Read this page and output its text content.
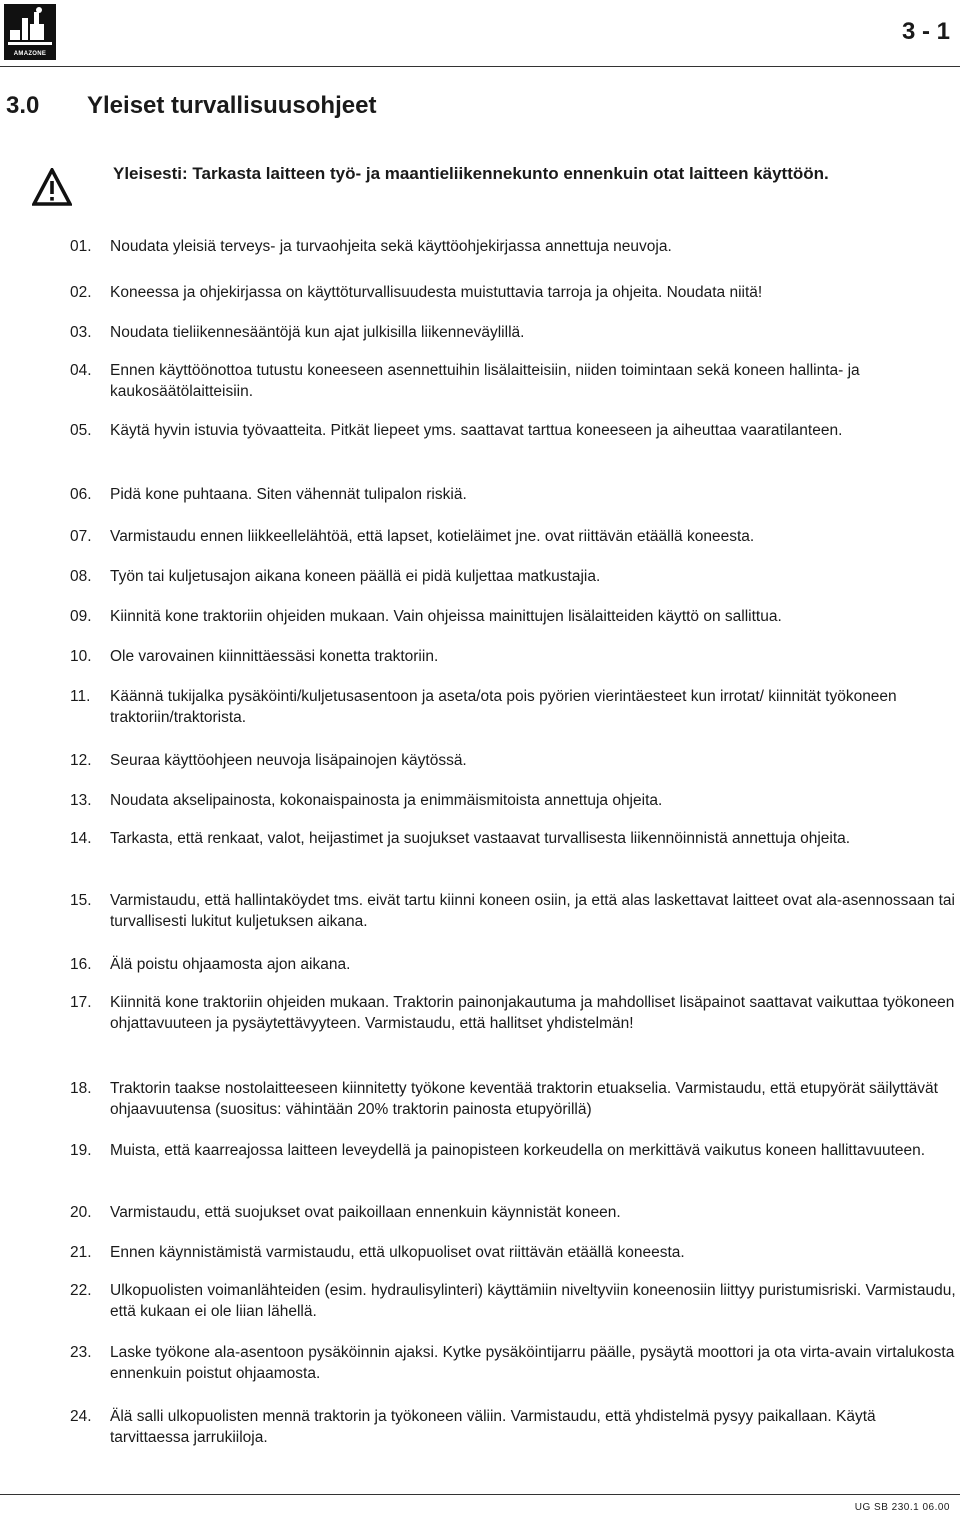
AMAZONE
3 - 1
3.0 Yleiset turvallisuusohjeet
Yleisesti: Tarkasta laitteen työ- ja maantieliikennekunto ennenkuin otat laitteen käyttöön.
01.	Noudata yleisiä terveys- ja turvaohjeita sekä käyttöohjekirjassa annettuja neuvoja.
02.	Koneessa ja ohjekirjassa on käyttöturvallisuudesta muistuttavia tarroja ja ohjeita. Noudata niitä!
03.	Noudata tieliikennesääntöjä kun ajat julkisilla liikenneväylillä.
04.	Ennen käyttöönottoa tutustu koneeseen asennettuihin lisälaitteisiin, niiden toimintaan sekä koneen hallinta- ja kaukosäätölaitteisiin.
05.	Käytä hyvin istuvia työvaatteita. Pitkät liepeet yms. saattavat tarttua koneeseen ja aiheuttaa vaaratilanteen.
06.	Pidä kone puhtaana. Siten vähennät tulipalon riskiä.
07.	Varmistaudu ennen liikkeellelähtöä, että lapset, kotieläimet jne. ovat riittävän etäällä koneesta.
08.	Työn tai kuljetusajon aikana koneen päällä ei pidä kuljettaa matkustajia.
09.	Kiinnitä kone traktoriin ohjeiden mukaan. Vain ohjeissa mainittujen lisälaitteiden käyttö on sallittua.
10.	Ole varovainen kiinnittäessäsi konetta traktoriin.
11.	Käännä tukijalka pysäköinti/kuljetusasentoon ja aseta/ota pois pyörien vierintäesteet kun irrotat/ kiinnität työkoneen traktoriin/traktorista.
12.	Seuraa käyttöohjeen neuvoja lisäpainojen käytössä.
13.	Noudata akselipainosta, kokonaispainosta ja enimmäismitoista annettuja ohjeita.
14.	Tarkasta, että renkaat, valot, heijastimet ja suojukset vastaavat turvallisesta liikennöinnistä annettuja ohjeita.
15.	Varmistaudu, että hallintaköydet tms. eivät tartu kiinni koneen osiin, ja että alas laskettavat laitteet ovat ala-asennossaan tai turvallisesti lukitut kuljetuksen aikana.
16.	Älä poistu ohjaamosta ajon aikana.
17.	Kiinnitä kone traktoriin ohjeiden mukaan. Traktorin painonjakautuma ja mahdolliset lisäpainot saattavat vaikuttaa työkoneen ohjattavuuteen ja pysäytettävyyteen. Varmistaudu, että hallitset yhdistelmän!
18.	Traktorin taakse nostolaitteeseen kiinnitetty työkone keventää traktorin etuakselia. Varmistaudu, että etupyörät säilyttävät ohjaavuutensa (suositus: vähintään 20% traktorin painosta etupyörillä)
19.	Muista, että kaarreajossa laitteen leveydellä ja painopisteen korkeudella on merkittävä vaikutus koneen hallittavuuteen.
20.	Varmistaudu, että suojukset ovat paikoillaan ennenkuin käynnistät koneen.
21.	Ennen käynnistämistä varmistaudu, että ulkopuoliset ovat riittävän etäällä koneesta.
22.	Ulkopuolisten voimanlähteiden (esim. hydraulisylinteri) käyttämiin niveltyviin koneenosiin liittyy puristumisriski. Varmistaudu, että kukaan ei ole liian lähellä.
23.	Laske työkone ala-asentoon pysäköinnin ajaksi. Kytke pysäköintijarru päälle, pysäytä moottori ja ota virta-avain virtalukosta ennenkuin poistut ohjaamosta.
24.	Älä salli ulkopuolisten mennä traktorin ja työkoneen väliin. Varmistaudu, että yhdistelmä pysyy paikallaan. Käytä tarvittaessa jarrukiiloja.
UG SB 230.1 06.00
